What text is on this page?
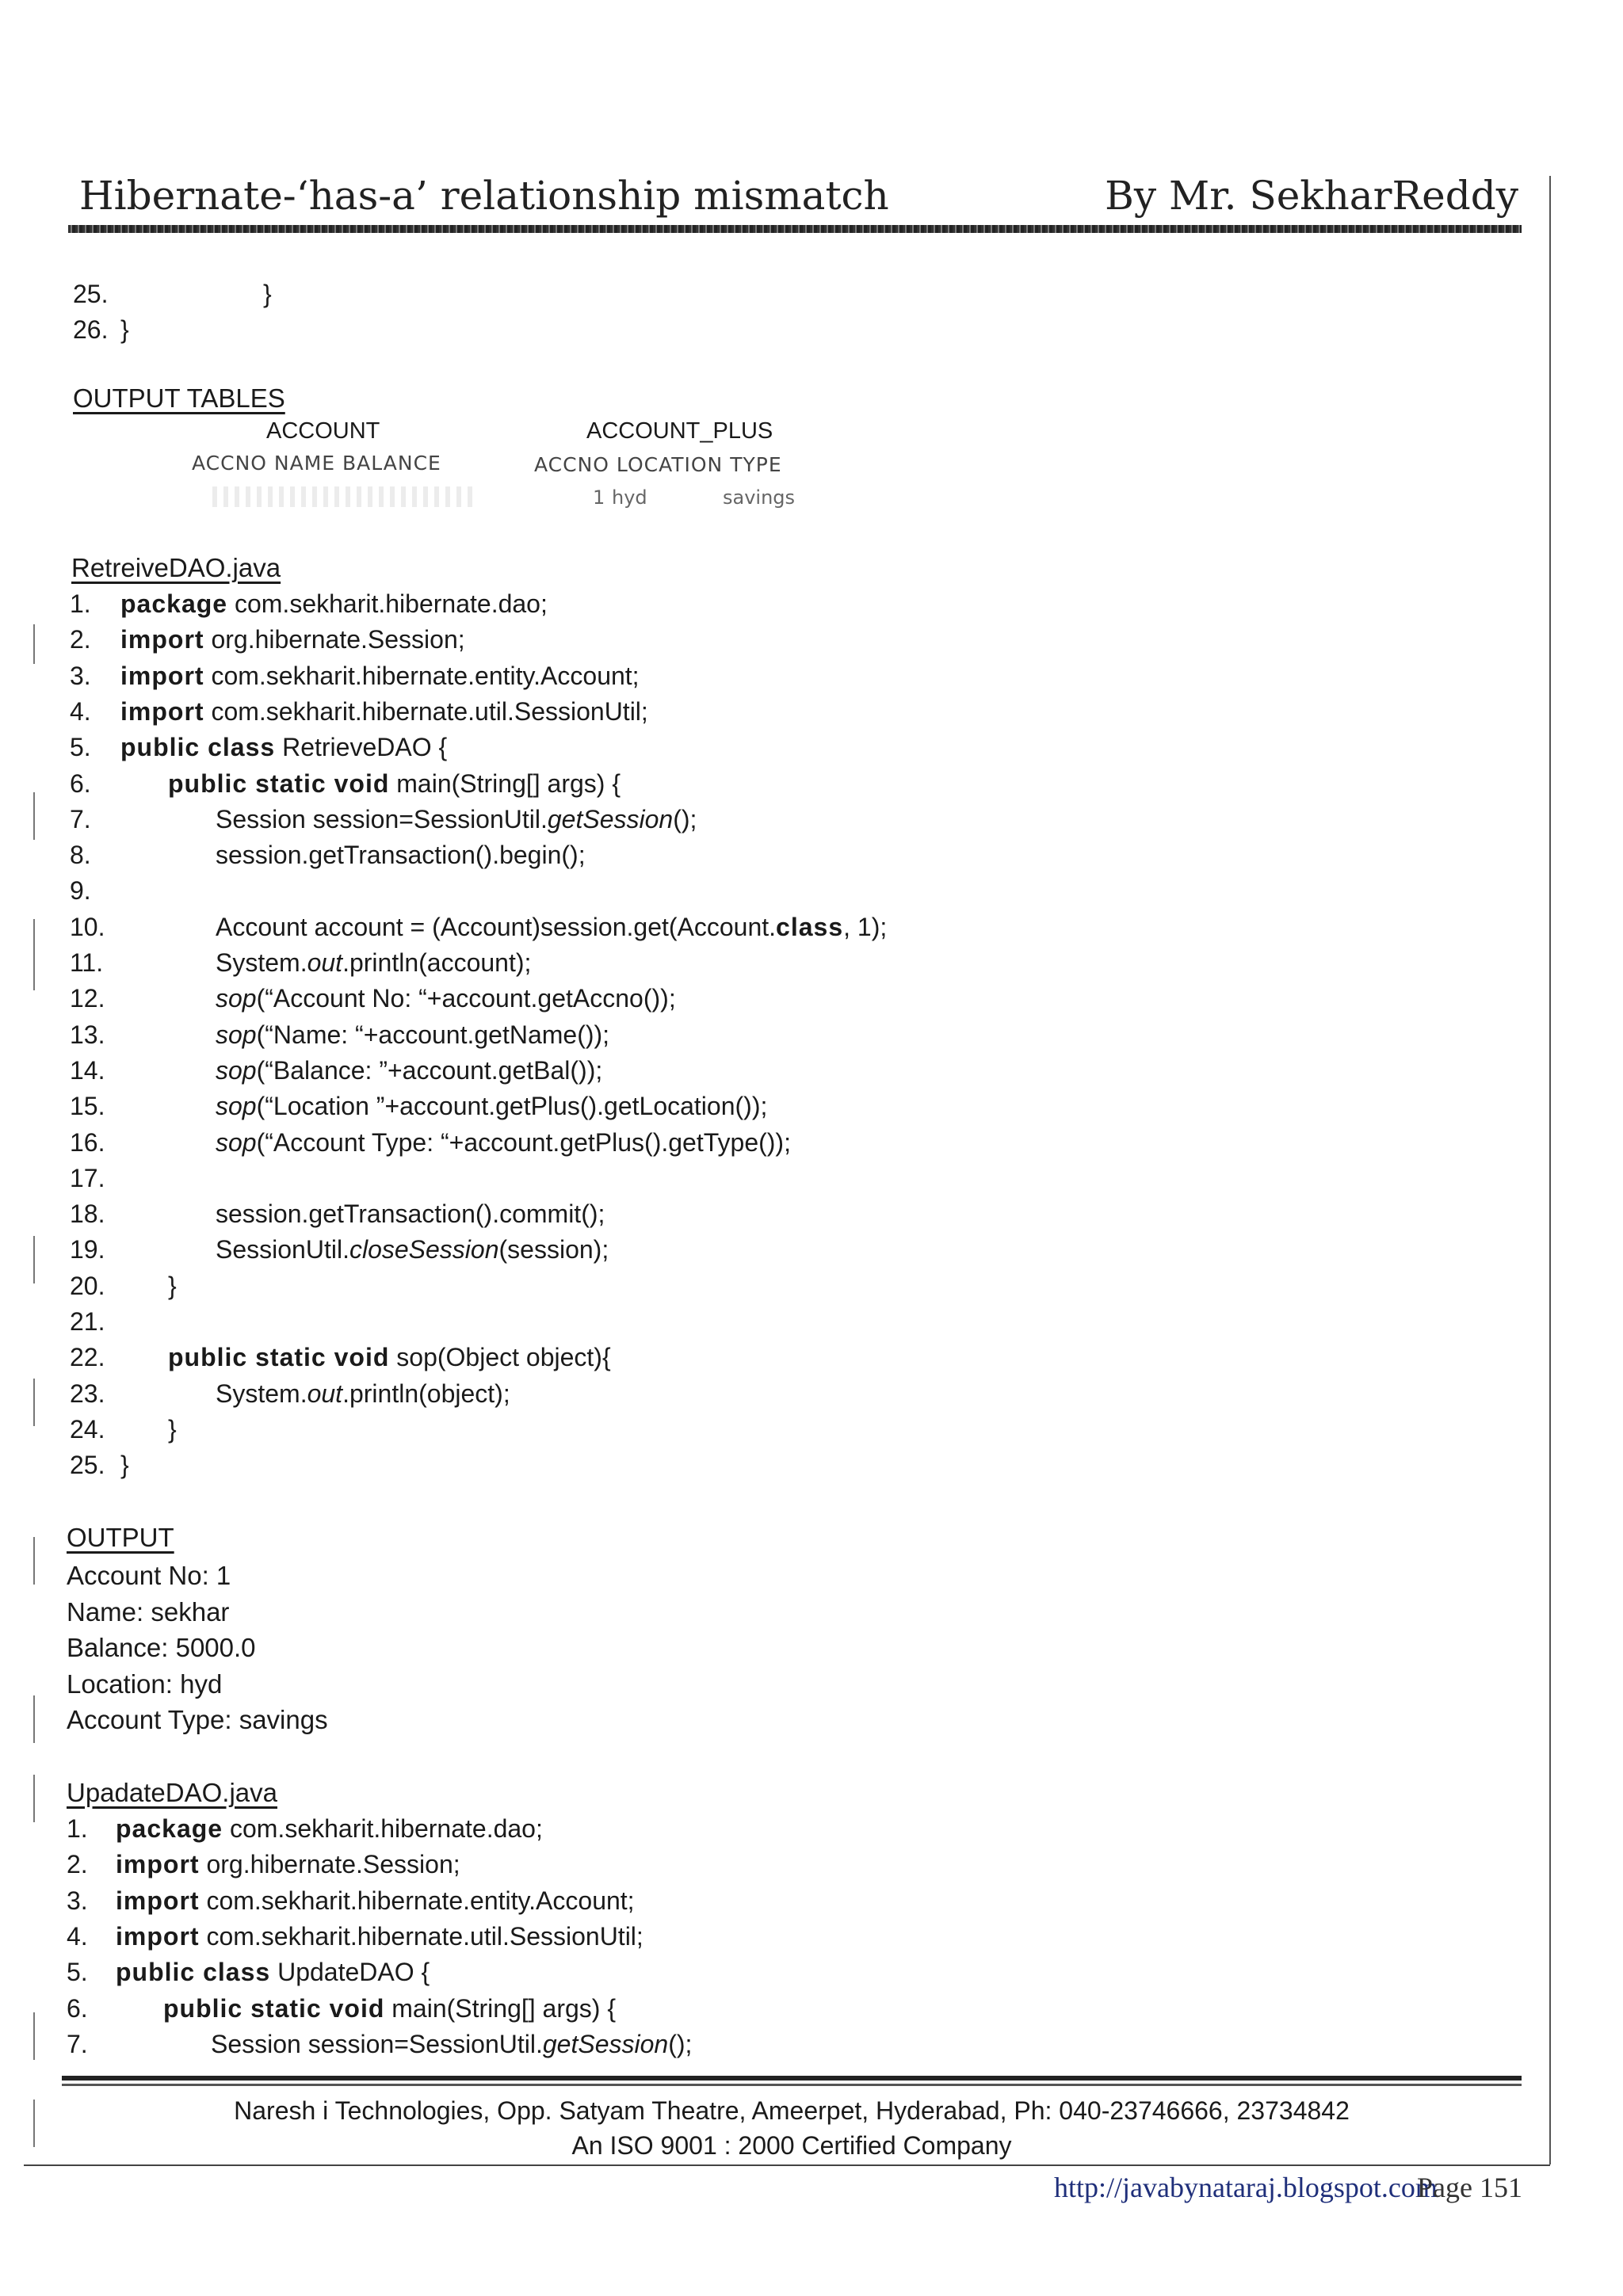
Hibernate-‘has-a’ relationship mismatch	By Mr. SekharReddy
25.	}
26. }
OUTPUT TABLES
ACCOUNT
ACCNO NAME BALANCE
ACCOUNT_PLUS
ACCNO LOCATION TYPE
1 hyd	savings
RetreiveDAO.java
1.	package com.sekharit.hibernate.dao;
2.	import org.hibernate.Session;
3.	import com.sekharit.hibernate.entity.Account;
4.	import com.sekharit.hibernate.util.SessionUtil;
5.	public class RetrieveDAO {
6.	public static void main(String[] args) {
7.	Session session=SessionUtil.getSession();
8.	session.getTransaction().begin();
9.
10.	Account account = (Account)session.get(Account.class, 1);
11.	System.out.println(account);
12.	sop(“Account No: “+account.getAccno());
13.	sop(“Name: “+account.getName());
14.	sop(“Balance: ”+account.getBal());
15.	sop(“Location ”+account.getPlus().getLocation());
16.	sop(“Account Type: “+account.getPlus().getType());
17.
18.	session.getTransaction().commit();
19.	SessionUtil.closeSession(session);
20.	}
21.
22.	public static void sop(Object object){
23.	System.out.println(object);
24.	}
25. }
OUTPUT
Account No: 1
Name: sekhar
Balance: 5000.0
Location: hyd
Account Type: savings
UpadateDAO.java
1.	package com.sekharit.hibernate.dao;
2.	import org.hibernate.Session;
3.	import com.sekharit.hibernate.entity.Account;
4.	import com.sekharit.hibernate.util.SessionUtil;
5.	public class UpdateDAO {
6.	public static void main(String[] args) {
7.	Session session=SessionUtil.getSession();
Naresh i Technologies, Opp. Satyam Theatre, Ameerpet, Hyderabad, Ph: 040-23746666, 23734842
An ISO 9001 : 2000 Certified Company
http://javabynataraj.blogspot.com
Page 151
